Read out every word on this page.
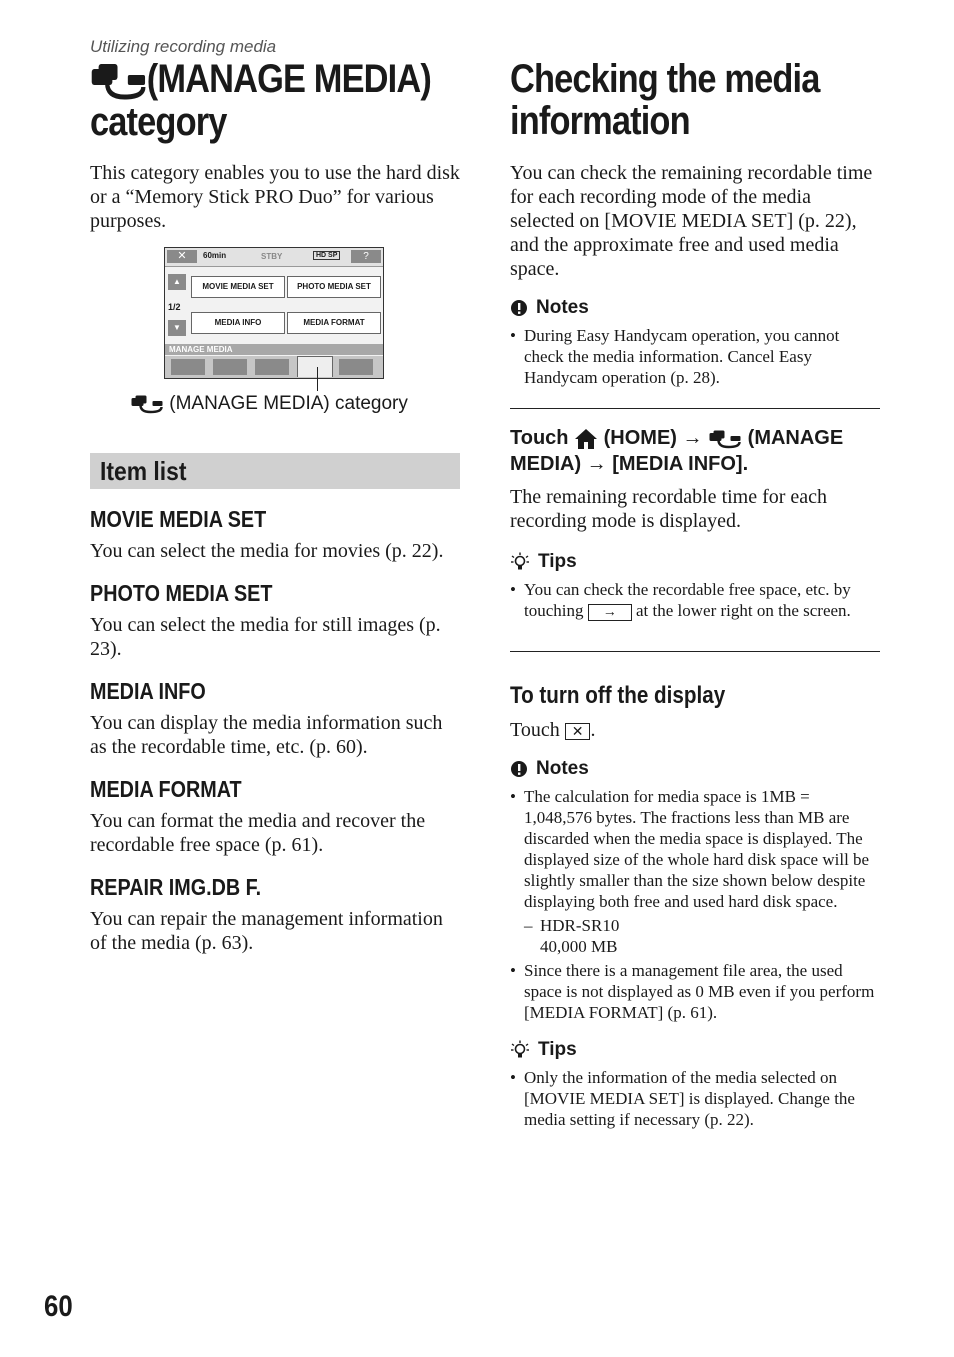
Utilizing recording media
(MANAGE MEDIA)
category

This category enables you to use the hard disk or a “Memory Stick PRO Duo” for various purposes.

✕	60min	STBY	HD SP	?
▲
1/2
▼
MOVIE MEDIA SET	PHOTO MEDIA SET
MEDIA INFO	MEDIA FORMAT
MANAGE MEDIA
(MANAGE MEDIA) category
Item list
MOVIE MEDIA SET

You can select the media for movies (p. 22).

PHOTO MEDIA SET

You can select the media for still images (p. 23).

MEDIA INFO

You can display the media information such as the recordable time, etc. (p. 60).

MEDIA FORMAT

You can format the media and recover the recordable free space (p. 61).

REPAIR IMG.DB F.

You can repair the management information of the media (p. 63).

Checking the media
information

You can check the remaining recordable time for each recording mode of the media selected on [MOVIE MEDIA SET] (p. 22), and the approximate free and used media space.

Notes

• During Easy Handycam operation, you cannot check the media information. Cancel Easy Handycam operation (p. 28).

Touch (HOME) → (MANAGE MEDIA) → [MEDIA INFO].

The remaining recordable time for each recording mode is displayed.

Tips

• You can check the recordable free space, etc. by touching → at the lower right on the screen.
To turn off the display

Touch ✕ .

Notes

• The calculation for media space is 1MB = 1,048,576 bytes. The fractions less than MB are discarded when the media space is displayed. The displayed size of the whole hard disk space will be slightly smaller than the size shown below despite displaying both free and used hard disk space.
– HDR-SR10
40,000 MB
• Since there is a management file area, the used space is not displayed as 0 MB even if you perform [MEDIA FORMAT] (p. 61).

Tips

• Only the information of the media selected on [MOVIE MEDIA SET] is displayed. Change the media setting if necessary (p. 22).
60
